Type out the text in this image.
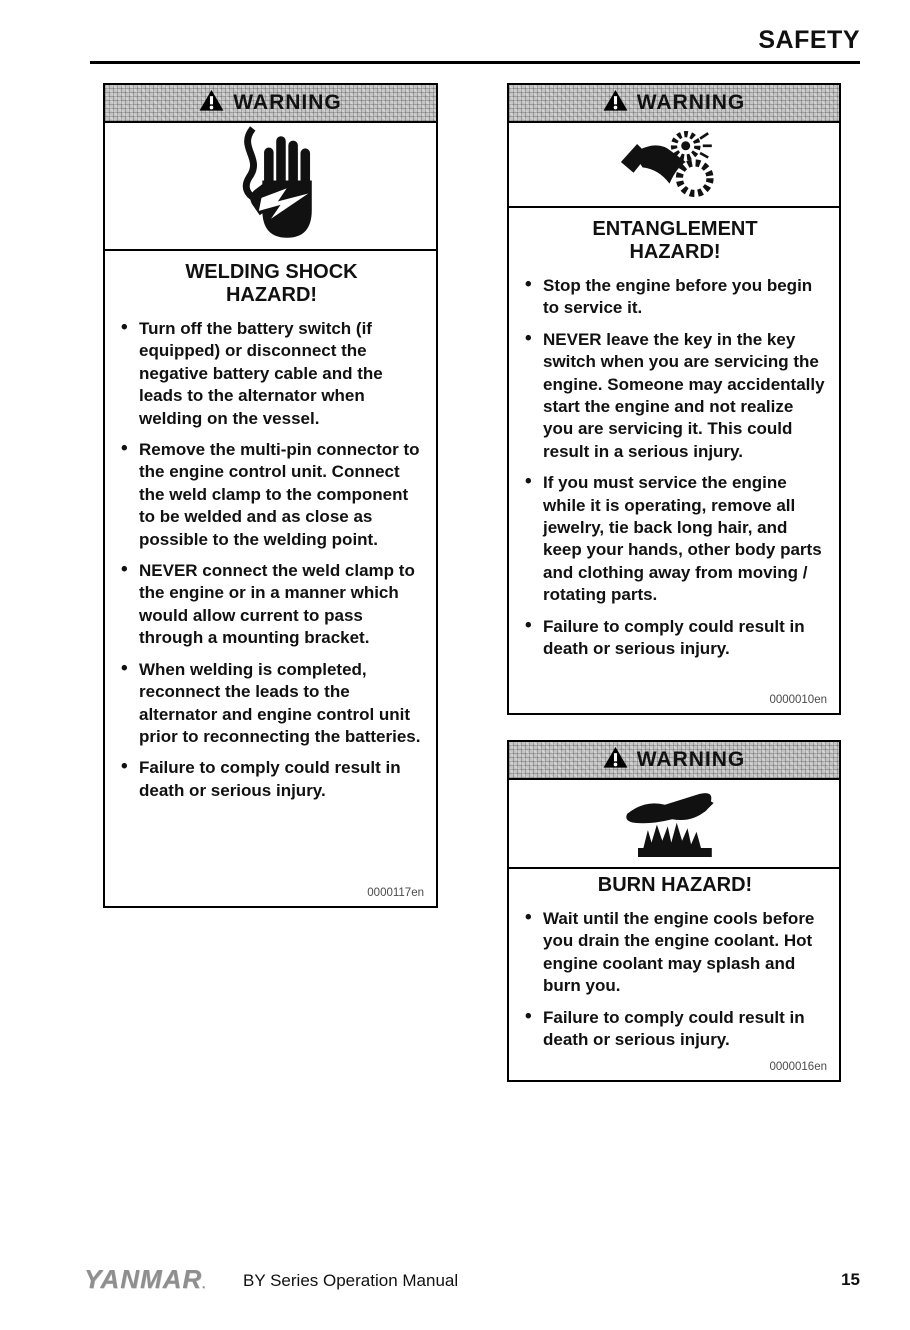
SAFETY
WARNING
WELDING SHOCK
HAZARD!
• Turn off the battery switch (if equipped) or disconnect the negative battery cable and the leads to the alternator when welding on the vessel.
• Remove the multi-pin connector to the engine control unit. Connect the weld clamp to the component to be welded and as close as possible to the welding point.
• NEVER connect the weld clamp to the engine or in a manner which would allow current to pass through a mounting bracket.
• When welding is completed, reconnect the leads to the alternator and engine control unit prior to reconnecting the batteries.
• Failure to comply could result in death or serious injury.
0000117en
WARNING
ENTANGLEMENT
HAZARD!
• Stop the engine before you begin to service it.
• NEVER leave the key in the key switch when you are servicing the engine. Someone may accidentally start the engine and not realize you are servicing it. This could result in a serious injury.
• If you must service the engine while it is operating, remove all jewelry, tie back long hair, and keep your hands, other body parts and clothing away from moving / rotating parts.
• Failure to comply could result in death or serious injury.
0000010en
WARNING
BURN HAZARD!
• Wait until the engine cools before you drain the engine coolant. Hot engine coolant may splash and burn you.
• Failure to comply could result in death or serious injury.
0000016en
YANMAR. BY Series Operation Manual	15
